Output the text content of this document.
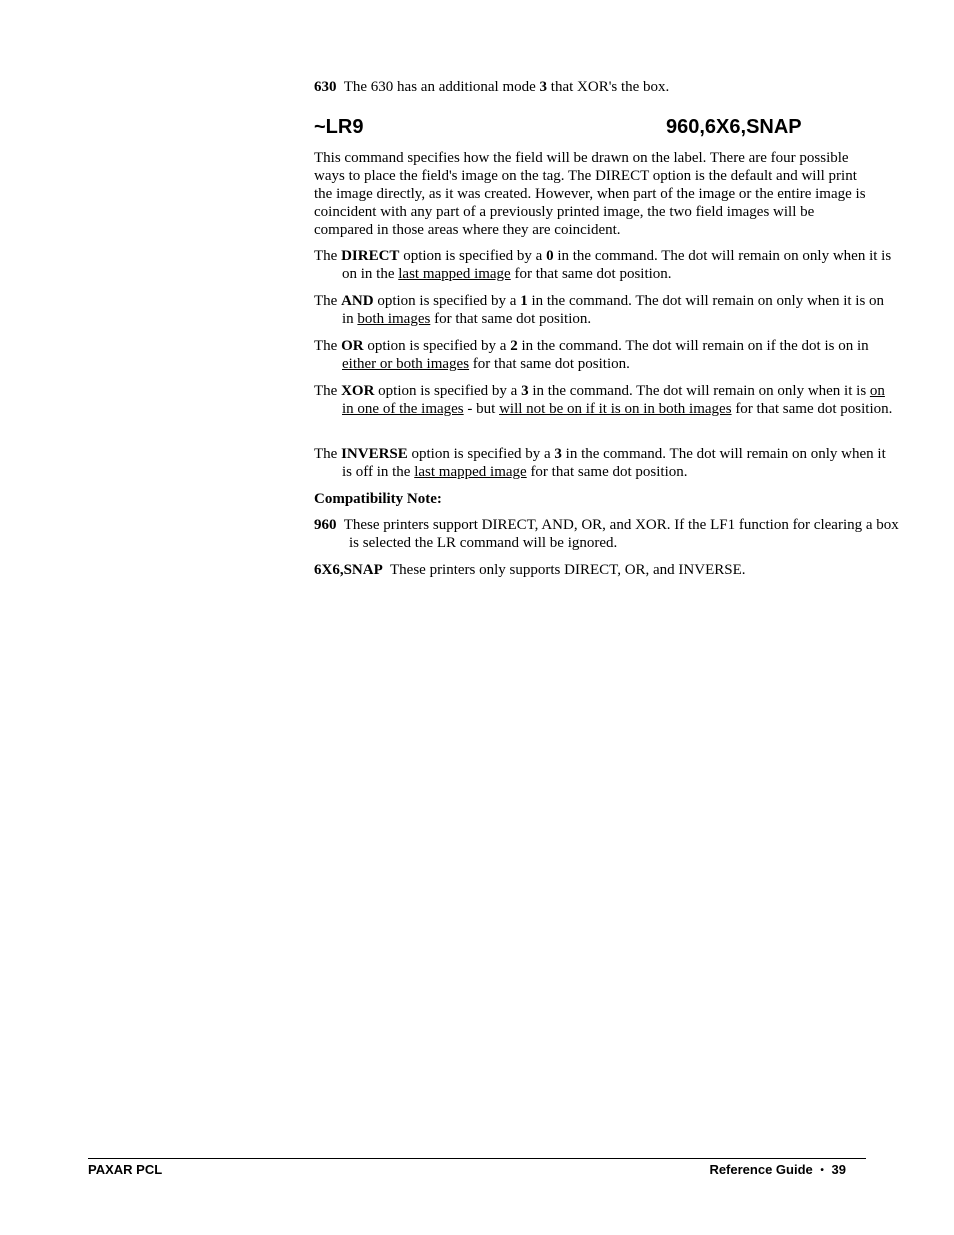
630 The 630 has an additional mode 3 that XOR's the box.

~LR9	960,6X6,SNAP

This command specifies how the field will be drawn on the label. There are four possible ways to place the field's image on the tag. The DIRECT option is the default and will print the image directly, as it was created. However, when part of the image or the entire image is coincident with any part of a previously printed image, the two field images will be compared in those areas where they are coincident.

The DIRECT option is specified by a 0 in the command. The dot will remain on only when it is on in the last mapped image for that same dot position.

The AND option is specified by a 1 in the command. The dot will remain on only when it is on in both images for that same dot position.

The OR option is specified by a 2 in the command. The dot will remain on if the dot is on in either or both images for that same dot position.

The XOR option is specified by a 3 in the command. The dot will remain on only when it is on in one of the images - but will not be on if it is on in both images for that same dot position.

The INVERSE option is specified by a 3 in the command. The dot will remain on only when it is off in the last mapped image for that same dot position.

Compatibility Note:

960 These printers support DIRECT, AND, OR, and XOR. If the LF1 function for clearing a box is selected the LR command will be ignored.

6X6,SNAP These printers only supports DIRECT, OR, and INVERSE.

PAXAR PCL	Reference Guide • 39
